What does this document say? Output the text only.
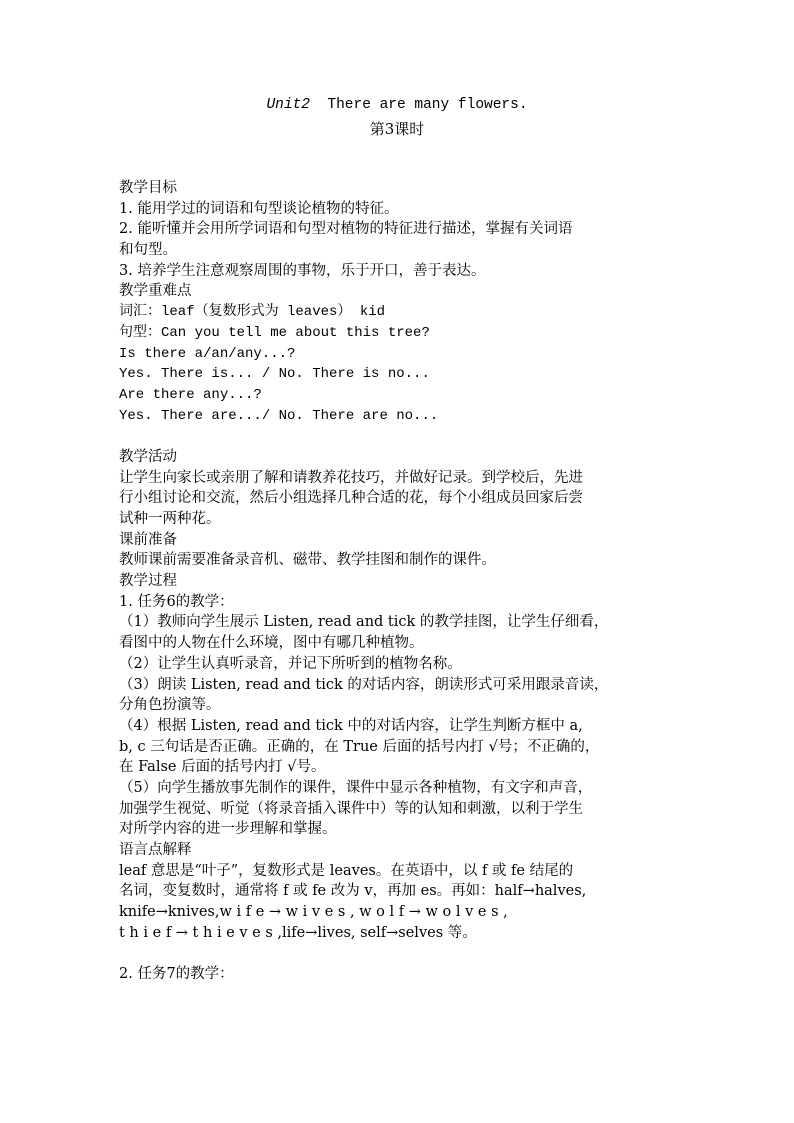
Unit2 There are many flowers.
第3课时
教学目标
1. 能用学过的词语和句型谈论植物的特征。
2. 能听懂并会用所学词语和句型对植物的特征进行描述，掌握有关词语
和句型。
3. 培养学生注意观察周围的事物，乐于开口，善于表达。
教学重难点
词汇：leaf（复数形式为 leaves） kid
句型：Can you tell me about this tree?
Is there a/an/any...?
Yes. There is... / No. There is no...
Are there any...?
Yes. There are.../ No. There are no...
教学活动
让学生向家长或亲朋了解和请教养花技巧，并做好记录。到学校后，先进
行小组讨论和交流，然后小组选择几种合适的花，每个小组成员回家后尝
试种一两种花。
课前准备
教师课前需要准备录音机、磁带、教学挂图和制作的课件。
教学过程
1. 任务6的教学：
（1）教师向学生展示 Listen, read and tick 的教学挂图，让学生仔细看，
看图中的人物在什么环境，图中有哪几种植物。
（2）让学生认真听录音，并记下所听到的植物名称。
（3）朗读 Listen, read and tick 的对话内容，朗读形式可采用跟录音读，
分角色扮演等。
（4）根据 Listen, read and tick 中的对话内容，让学生判断方框中 a,
b, c 三句话是否正确。正确的，在 True 后面的括号内打 √号；不正确的，
在 False 后面的括号内打 √号。
（5）向学生播放事先制作的课件，课件中显示各种植物，有文字和声音，
加强学生视觉、听觉（将录音插入课件中）等的认知和刺激，以利于学生
对所学内容的进一步理解和掌握。
语言点解释
leaf 意思是“叶子”，复数形式是 leaves。在英语中，以 f 或 fe 结尾的
名词，变复数时，通常将 f 或 fe 改为 v，再加 es。再如：half→halves,
knife→knives,w i f e → w i v e s , w o l f → w o l v e s ,
t h i e f → t h i e v e s ,life→lives, self→selves 等。
2. 任务7的教学：
